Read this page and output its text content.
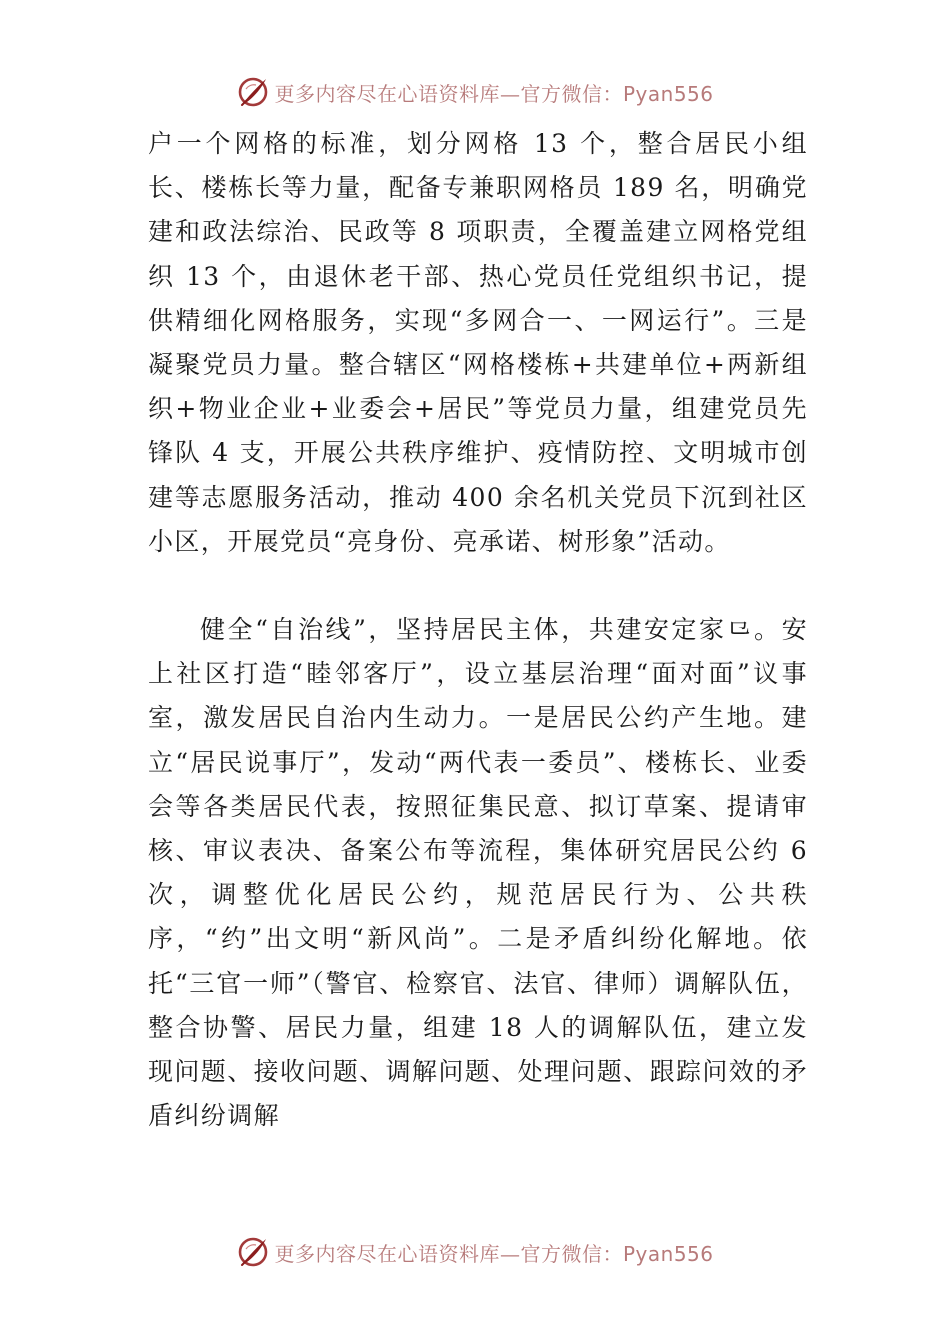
更多内容尽在心语资料库—官方微信：Pyan556

户一个网格的标准，划分网格 13 个，整合居民小组长、楼栋长等力量，配备专兼职网格员 189 名，明确党建和政法综治、民政等 8 项职责，全覆盖建立网格党组织 13 个，由退休老干部、热心党员任党组织书记，提供精细化网格服务，实现“多网合一、一网运行”。三是凝聚党员力量。整合辖区“网格楼栋+共建单位+两新组织+物业企业+业委会+居民”等党员力量，组建党员先锋队 4 支，开展公共秩序维护、疫情防控、文明城市创建等志愿服务活动，推动 400 余名机关党员下沉到社区小区，开展党员“亮身份、亮承诺、树形象”活动。

健全“自治线”，坚持居民主体，共建安定家⺋。安上社区打造“睦邻客厅”，设立基层治理“面对面”议事室，激发居民自治内生动力。一是居民公约产生地。建立“居民说事厅”，发动“两代表一委员”、楼栋长、业委会等各类居民代表，按照征集民意、拟订草案、提请审核、审议表决、备案公布等流程，集体研究居民公约 6 次，调整优化居民公约，规范居民行为、公共秩序，“约”出文明“新风尚”。二是矛盾纠纷化解地。依托“三官一师”（警官、检察官、法官、律师）调解队伍，整合协警、居民力量，组建 18 人的调解队伍，建立发现问题、接收问题、调解问题、处理问题、跟踪问效的矛盾纠纷调解

更多内容尽在心语资料库—官方微信：Pyan556
